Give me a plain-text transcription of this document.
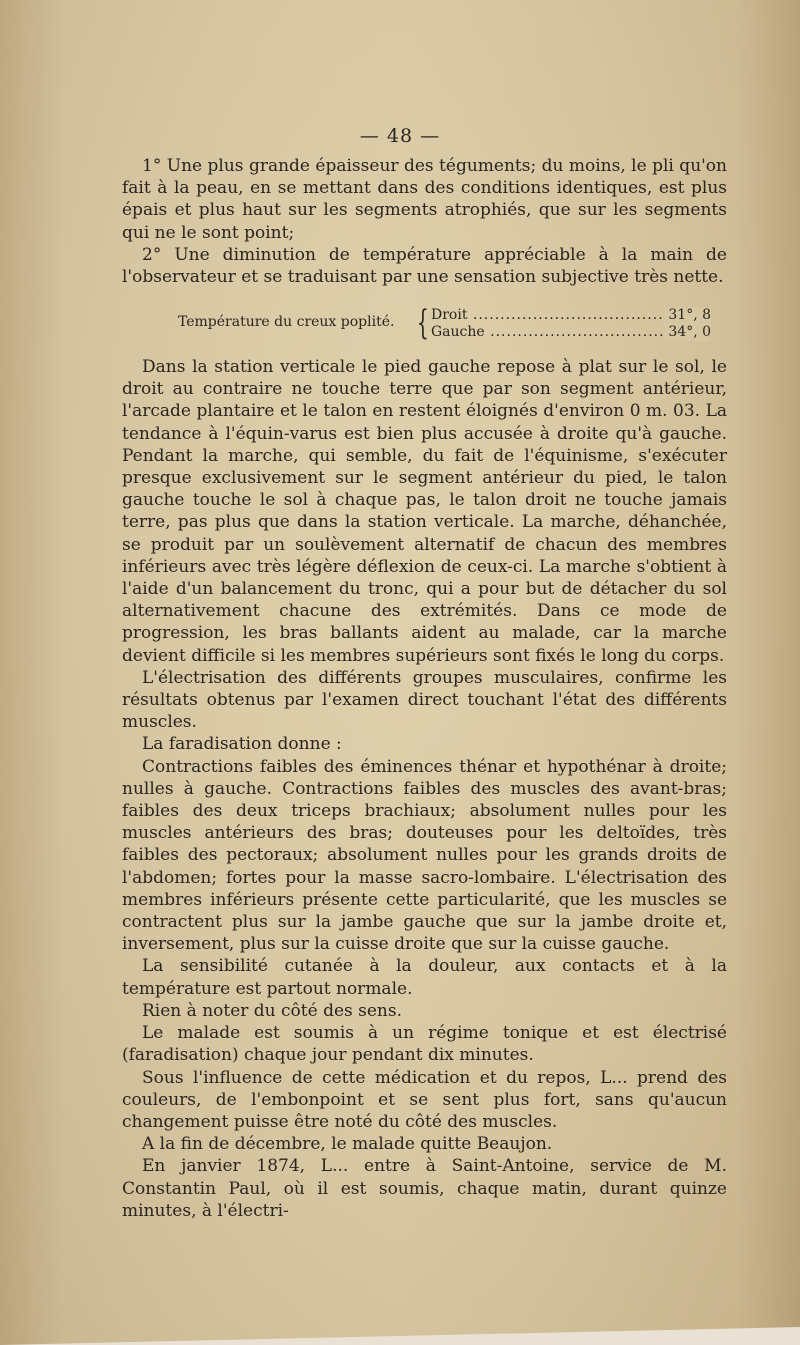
— 48 —

1° Une plus grande épaisseur des téguments; du moins, le pli qu'on fait à la peau, en se mettant dans des conditions identiques, est plus épais et plus haut sur les segments atrophiés, que sur les segments qui ne le sont point;

2° Une diminution de température appréciable à la main de l'observateur et se traduisant par une sensation subjective très nette.

Température du creux poplité. { Droit .....	31°, 8
Gauche .....	34°, 0

Dans la station verticale le pied gauche repose à plat sur le sol, le droit au contraire ne touche terre que par son segment antérieur, l'arcade plantaire et le talon en restent éloignés d'environ 0 m. 03. La tendance à l'équin-varus est bien plus accusée à droite qu'à gauche. Pendant la marche, qui semble, du fait de l'équinisme, s'exécuter presque exclusivement sur le segment antérieur du pied, le talon gauche touche le sol à chaque pas, le talon droit ne touche jamais terre, pas plus que dans la station verticale. La marche, déhanchée, se produit par un soulèvement alternatif de chacun des membres inférieurs avec très légère déflexion de ceux-ci. La marche s'obtient à l'aide d'un balancement du tronc, qui a pour but de détacher du sol alternativement chacune des extrémités. Dans ce mode de progression, les bras ballants aident au malade, car la marche devient difficile si les membres supérieurs sont fixés le long du corps.

L'électrisation des différents groupes musculaires, confirme les résultats obtenus par l'examen direct touchant l'état des différents muscles.

La faradisation donne :

Contractions faibles des éminences thénar et hypothénar à droite; nulles à gauche. Contractions faibles des muscles des avant-bras; faibles des deux triceps brachiaux; absolument nulles pour les muscles antérieurs des bras; douteuses pour les deltoïdes, très faibles des pectoraux; absolument nulles pour les grands droits de l'abdomen; fortes pour la masse sacro-lombaire. L'électrisation des membres inférieurs présente cette particularité, que les muscles se contractent plus sur la jambe gauche que sur la jambe droite et, inversement, plus sur la cuisse droite que sur la cuisse gauche.

La sensibilité cutanée à la douleur, aux contacts et à la température est partout normale.

Rien à noter du côté des sens.

Le malade est soumis à un régime tonique et est électrisé (faradisation) chaque jour pendant dix minutes.

Sous l'influence de cette médication et du repos, L... prend des couleurs, de l'embonpoint et se sent plus fort, sans qu'aucun changement puisse être noté du côté des muscles.

A la fin de décembre, le malade quitte Beaujon.

En janvier 1874, L... entre à Saint-Antoine, service de M. Constantin Paul, où il est soumis, chaque matin, durant quinze minutes, à l'électri-
